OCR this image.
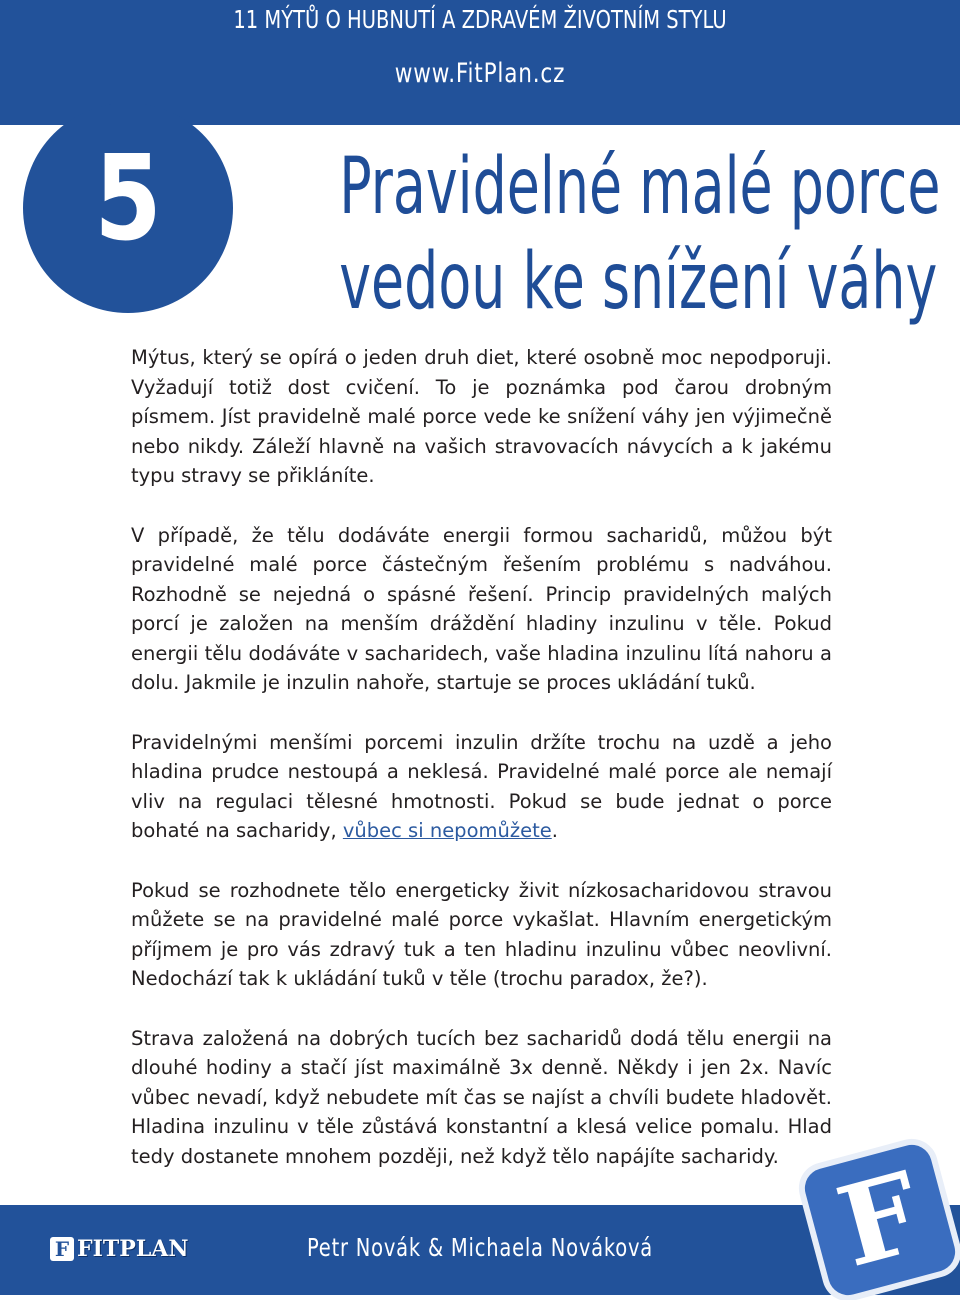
11 MÝTŮ O HUBNUTÍ A ZDRAVÉM ŽIVOTNÍM STYLU
www.FitPlan.cz
5	Pravidelné malé porce
vedou ke snížení váhy

Mýtus, který se opírá o jeden druh diet, které osobně moc nepodporuji. Vyžadují totiž dost cvičení. To je poznámka pod čarou drobným písmem. Jíst pravidelně malé porce vede ke snížení váhy jen výjimečně nebo nikdy. Záleží hlavně na vašich stravovacích návycích a k jakému typu stravy se přikláníte.

V případě, že tělu dodáváte energii formou sacharidů, můžou být pravidelné malé porce částečným řešením problému s nadváhou. Rozhodně se nejedná o spásné řešení. Princip pravidelných malých porcí je založen na menším dráždění hladiny inzulinu v těle. Pokud energii tělu dodáváte v sacharidech, vaše hladina inzulinu lítá nahoru a dolu. Jakmile je inzulin nahoře, startuje se proces ukládání tuků.

Pravidelnými menšími porcemi inzulin držíte trochu na uzdě a jeho hladina prudce nestoupá a neklesá. Pravidelné malé porce ale nemají vliv na regulaci tělesné hmotnosti. Pokud se bude jednat o porce bohaté na sacharidy, vůbec si nepomůžete.

Pokud se rozhodnete tělo energeticky živit nízkosacharidovou stravou můžete se na pravidelné malé porce vykašlat. Hlavním energetickým příjmem je pro vás zdravý tuk a ten hladinu inzulinu vůbec neovlivní. Nedochází tak k ukládání tuků v těle (trochu paradox, že?).

Strava založená na dobrých tucích bez sacharidů dodá tělu energii na dlouhé hodiny a stačí jíst maximálně 3x denně. Někdy i jen 2x. Navíc vůbec nevadí, když nebudete mít čas se najíst a chvíli budete hladovět. Hladina inzulinu v těle zůstává konstantní a klesá velice pomalu. Hlad tedy dostanete mnohem později, než když tělo napájíte sacharidy.

F FITPLAN	Petr Novák & Michaela Nováková F
